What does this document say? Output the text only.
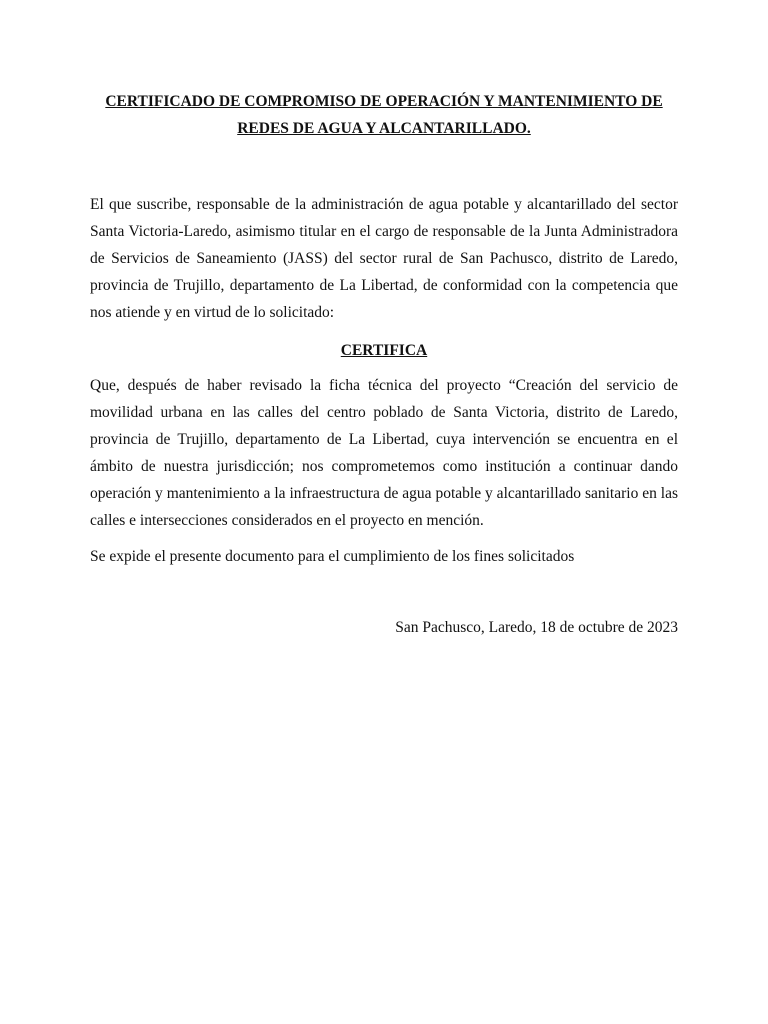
CERTIFICADO DE COMPROMISO DE OPERACIÓN Y MANTENIMIENTO DE
REDES DE AGUA Y ALCANTARILLADO.

El que suscribe, responsable de la administración de agua potable y alcantarillado del sector Santa Victoria-Laredo, asimismo titular en el cargo de responsable de la Junta Administradora de Servicios de Saneamiento (JASS) del sector rural de San Pachusco, distrito de Laredo, provincia de Trujillo, departamento de La Libertad, de conformidad con la competencia que nos atiende y en virtud de lo solicitado:

CERTIFICA

Que, después de haber revisado la ficha técnica del proyecto “Creación del servicio de movilidad urbana en las calles del centro poblado de Santa Victoria, distrito de Laredo, provincia de Trujillo, departamento de La Libertad, cuya intervención se encuentra en el ámbito de nuestra jurisdicción; nos comprometemos como institución a continuar dando operación y mantenimiento a la infraestructura de agua potable y alcantarillado sanitario en las calles e intersecciones considerados en el proyecto en mención.

Se expide el presente documento para el cumplimiento de los fines solicitados

San Pachusco, Laredo, 18 de octubre de 2023
